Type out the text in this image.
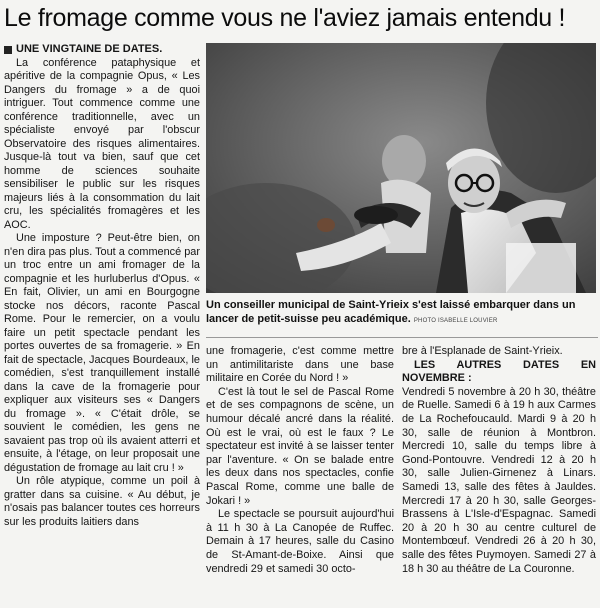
Le fromage comme vous ne l'aviez jamais entendu !
UNE VINGTAINE DE DATES.

La conférence pataphysique et apéritive de la compagnie Opus, « Les Dangers du fromage » a de quoi intriguer. Tout commence comme une conférence traditionnelle, avec un spécialiste envoyé par l'obscur Observatoire des risques alimentaires. Jusque-là tout va bien, sauf que cet homme de sciences souhaite sensibiliser le public sur les risques majeurs liés à la consommation du lait cru, les spécialités fromagères et les AOC.

Une imposture ? Peut-être bien, on n'en dira pas plus. Tout a commencé par un troc entre un ami fromager de la compagnie et les hurluberlus d'Opus. « En fait, Olivier, un ami en Bourgogne stocke nos décors, raconte Pascal Rome. Pour le remercier, on a voulu faire un petit spectacle pendant les portes ouvertes de sa fromagerie. » En fait de spectacle, Jacques Bourdeaux, le comédien, s'est tranquillement installé dans la cave de la fromagerie pour expliquer aux visiteurs ses « Dangers du fromage ». « C'était drôle, se souvient le comédien, les gens ne savaient pas trop où ils avaient atterri et ensuite, à l'étage, on leur proposait une dégustation de fromage au lait cru ! »

Un rôle atypique, comme un poil à gratter dans sa cuisine. « Au début, je n'osais pas balancer toutes ces horreurs sur les produits laitiers dans

Un conseiller municipal de Saint-Yrieix s'est laissé embarquer dans un lancer de petit-suisse peu académique. PHOTO ISABELLE LOUVIER

une fromagerie, c'est comme mettre un antimilitariste dans une base militaire en Corée du Nord ! »

C'est là tout le sel de Pascal Rome et de ses compagnons de scène, un humour décalé ancré dans la réalité. Où est le vrai, où est le faux ? Le spectateur est invité à se laisser tenter par l'aventure. « On se balade entre les deux dans nos spectacles, confie Pascal Rome, comme une balle de Jokari ! »

Le spectacle se poursuit aujourd'hui à 11 h 30 à La Canopée de Ruffec. Demain à 17 heures, salle du Casino de St-Amant-de-Boixe. Ainsi que vendredi 29 et samedi 30 octo-

bre à l'Esplanade de Saint-Yrieix.

LES AUTRES DATES EN NOVEMBRE :

Vendredi 5 novembre à 20 h 30, théâtre de Ruelle. Samedi 6 à 19 h aux Carmes de La Rochefoucauld. Mardi 9 à 20 h 30, salle de réunion à Montbron. Mercredi 10, salle du temps libre à Gond-Pontouvre. Vendredi 12 à 20 h 30, salle Julien-Girnenez à Linars. Samedi 13, salle des fêtes à Jauldes. Mercredi 17 à 20 h 30, salle Georges-Brassens à L'Isle-d'Espagnac. Samedi 20 à 20 h 30 au centre culturel de Montembœuf. Vendredi 26 à 20 h 30, salle des fêtes Puymoyen. Samedi 27 à 18 h 30 au théâtre de La Couronne.
